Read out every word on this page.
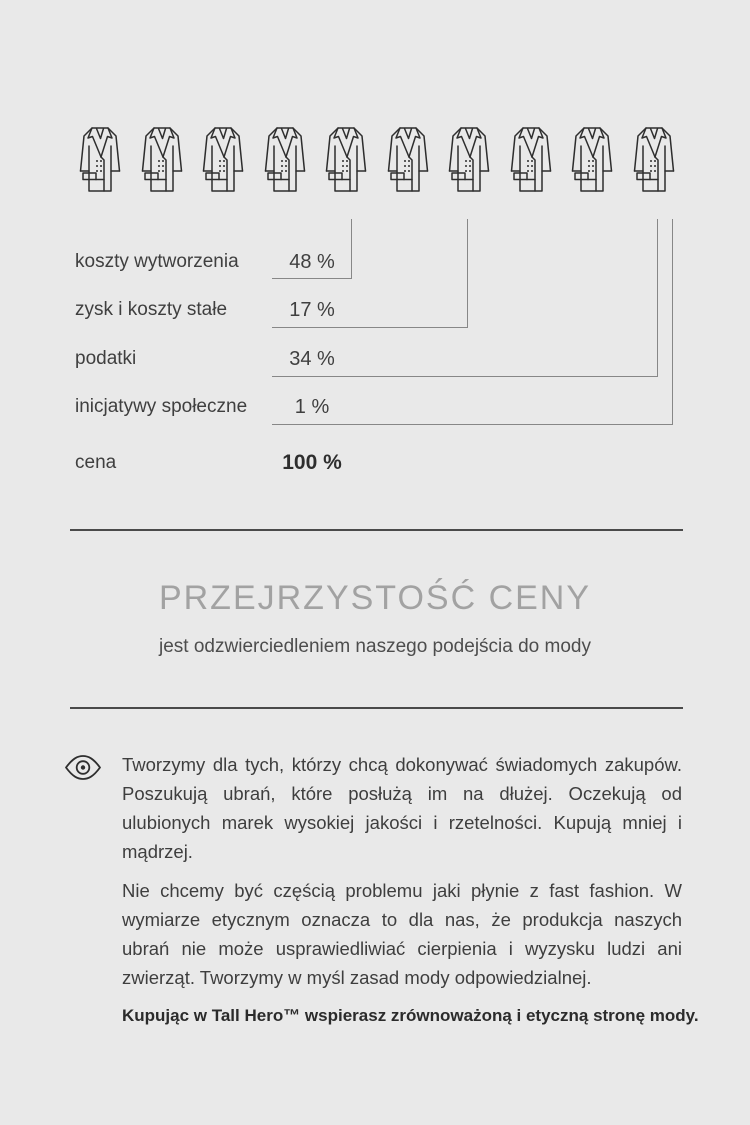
koszty wytworzenia	48 %
zysk i koszty stałe	17 %
podatki	34 %
inicjatywy społeczne	1 %
cena	100 %
PRZEJRZYSTOŚĆ CENY

jest odzwierciedleniem naszego podejścia do mody

Tworzymy dla tych, którzy chcą dokonywać świadomych zakupów. Poszukują ubrań, które posłużą im na dłużej. Oczekują od ulubionych marek wysokiej jakości i rzetelności. Kupują mniej i mądrzej.

Nie chcemy być częścią problemu jaki płynie z fast fashion. W wymiarze etycznym oznacza to dla nas, że produkcja naszych ubrań nie może usprawiedliwiać cierpienia i wyzysku ludzi ani zwierząt. Tworzymy w myśl zasad mody odpowiedzialnej.

Kupując w Tall Hero™ wspierasz zrównoważoną i etyczną stronę mody.
